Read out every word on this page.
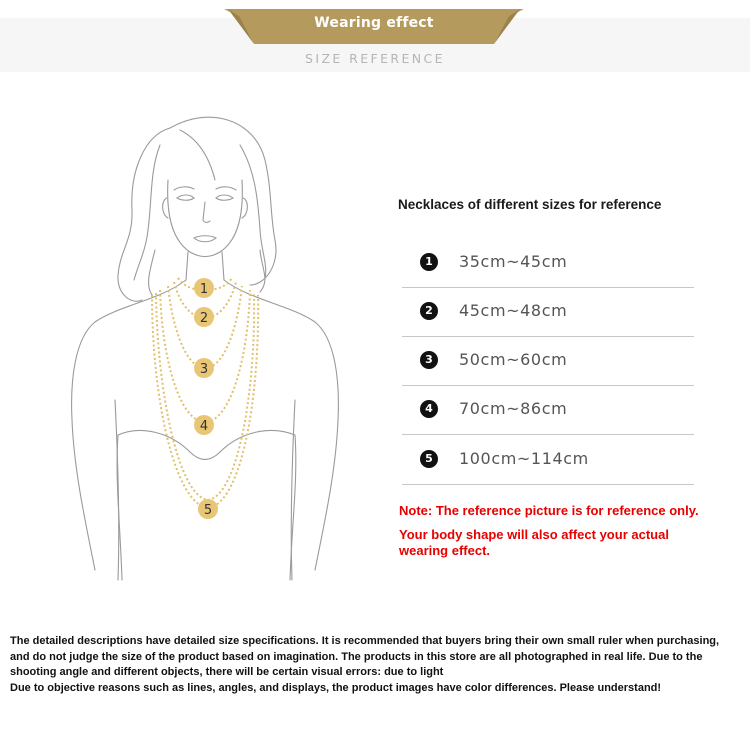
Wearing effect
SIZE REFERENCE
1
2
3
4
5
Necklaces of different sizes for reference
1	35cm~45cm
2	45cm~48cm
3	50cm~60cm
4	70cm~86cm
5	100cm~114cm
Note: The reference picture is for reference only.
Your body shape will also affect your actual wearing effect.
The detailed descriptions have detailed size specifications. It is recommended that buyers bring their own small ruler when purchasing, and do not judge the size of the product based on imagination. The products in this store are all photographed in real life. Due to the shooting angle and different objects, there will be certain visual errors: due to light
Due to objective reasons such as lines, angles, and displays, the product images have color differences. Please understand!
